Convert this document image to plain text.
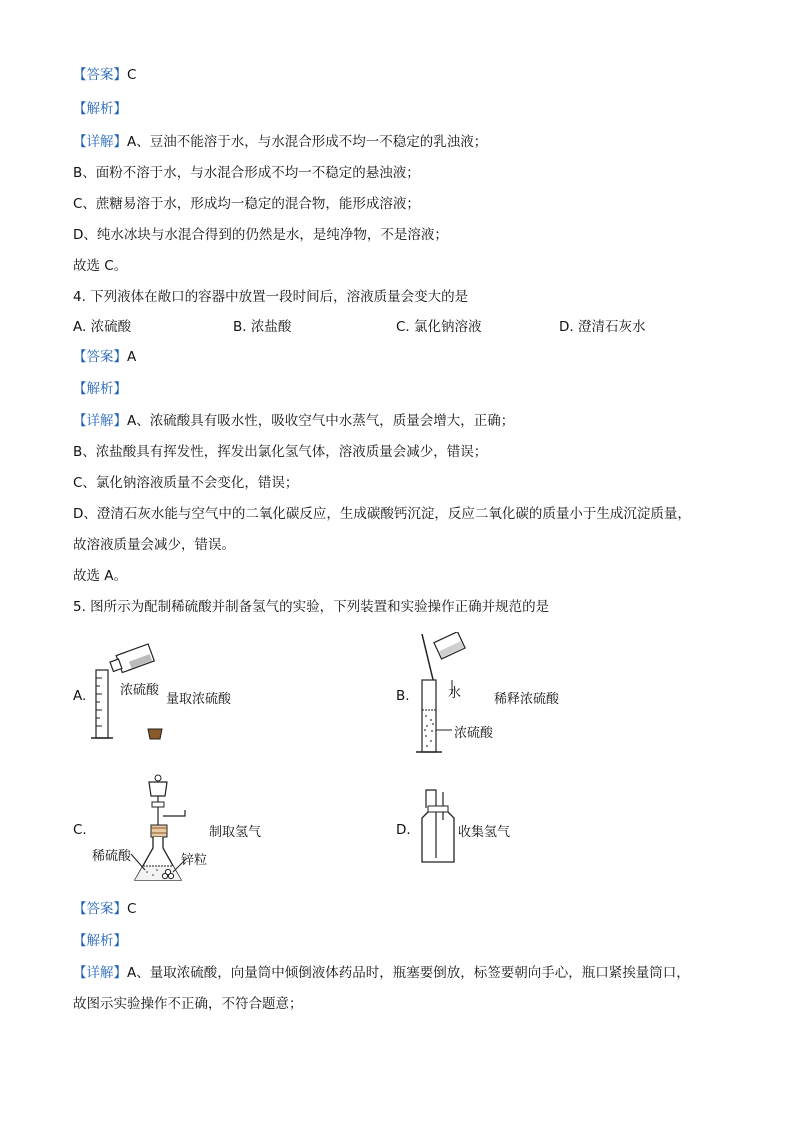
【答案】C
【解析】
【详解】A、豆油不能溶于水，与水混合形成不均一不稳定的乳浊液；
B、面粉不溶于水，与水混合形成不均一不稳定的悬浊液；
C、蔗糖易溶于水，形成均一稳定的混合物，能形成溶液；
D、纯水冰块与水混合得到的仍然是水，是纯净物，不是溶液；
故选 C。
4. 下列液体在敞口的容器中放置一段时间后，溶液质量会变大的是
A. 浓硫酸	B. 浓盐酸	C. 氯化钠溶液	D. 澄清石灰水
【答案】A
【解析】
【详解】A、浓硫酸具有吸水性，吸收空气中水蒸气，质量会增大，正确；
B、浓盐酸具有挥发性，挥发出氯化氢气体，溶液质量会减少，错误；
C、氯化钠溶液质量不会变化，错误；
D、澄清石灰水能与空气中的二氧化碳反应，生成碳酸钙沉淀，反应二氧化碳的质量小于生成沉淀质量，
故溶液质量会减少，错误。
故选 A。
5. 图所示为配制稀硫酸并制备氢气的实验，下列装置和实验操作正确并规范的是
A.	浓硫酸
量取浓硫酸	B.	水	稀释浓硫酸
浓硫酸
C.	制取氢气
稀硫酸	锌粒
D.	收集氢气
【答案】C
【解析】
【详解】A、量取浓硫酸，向量筒中倾倒液体药品时，瓶塞要倒放，标签要朝向手心，瓶口紧挨量筒口，
故图示实验操作不正确，不符合题意；
